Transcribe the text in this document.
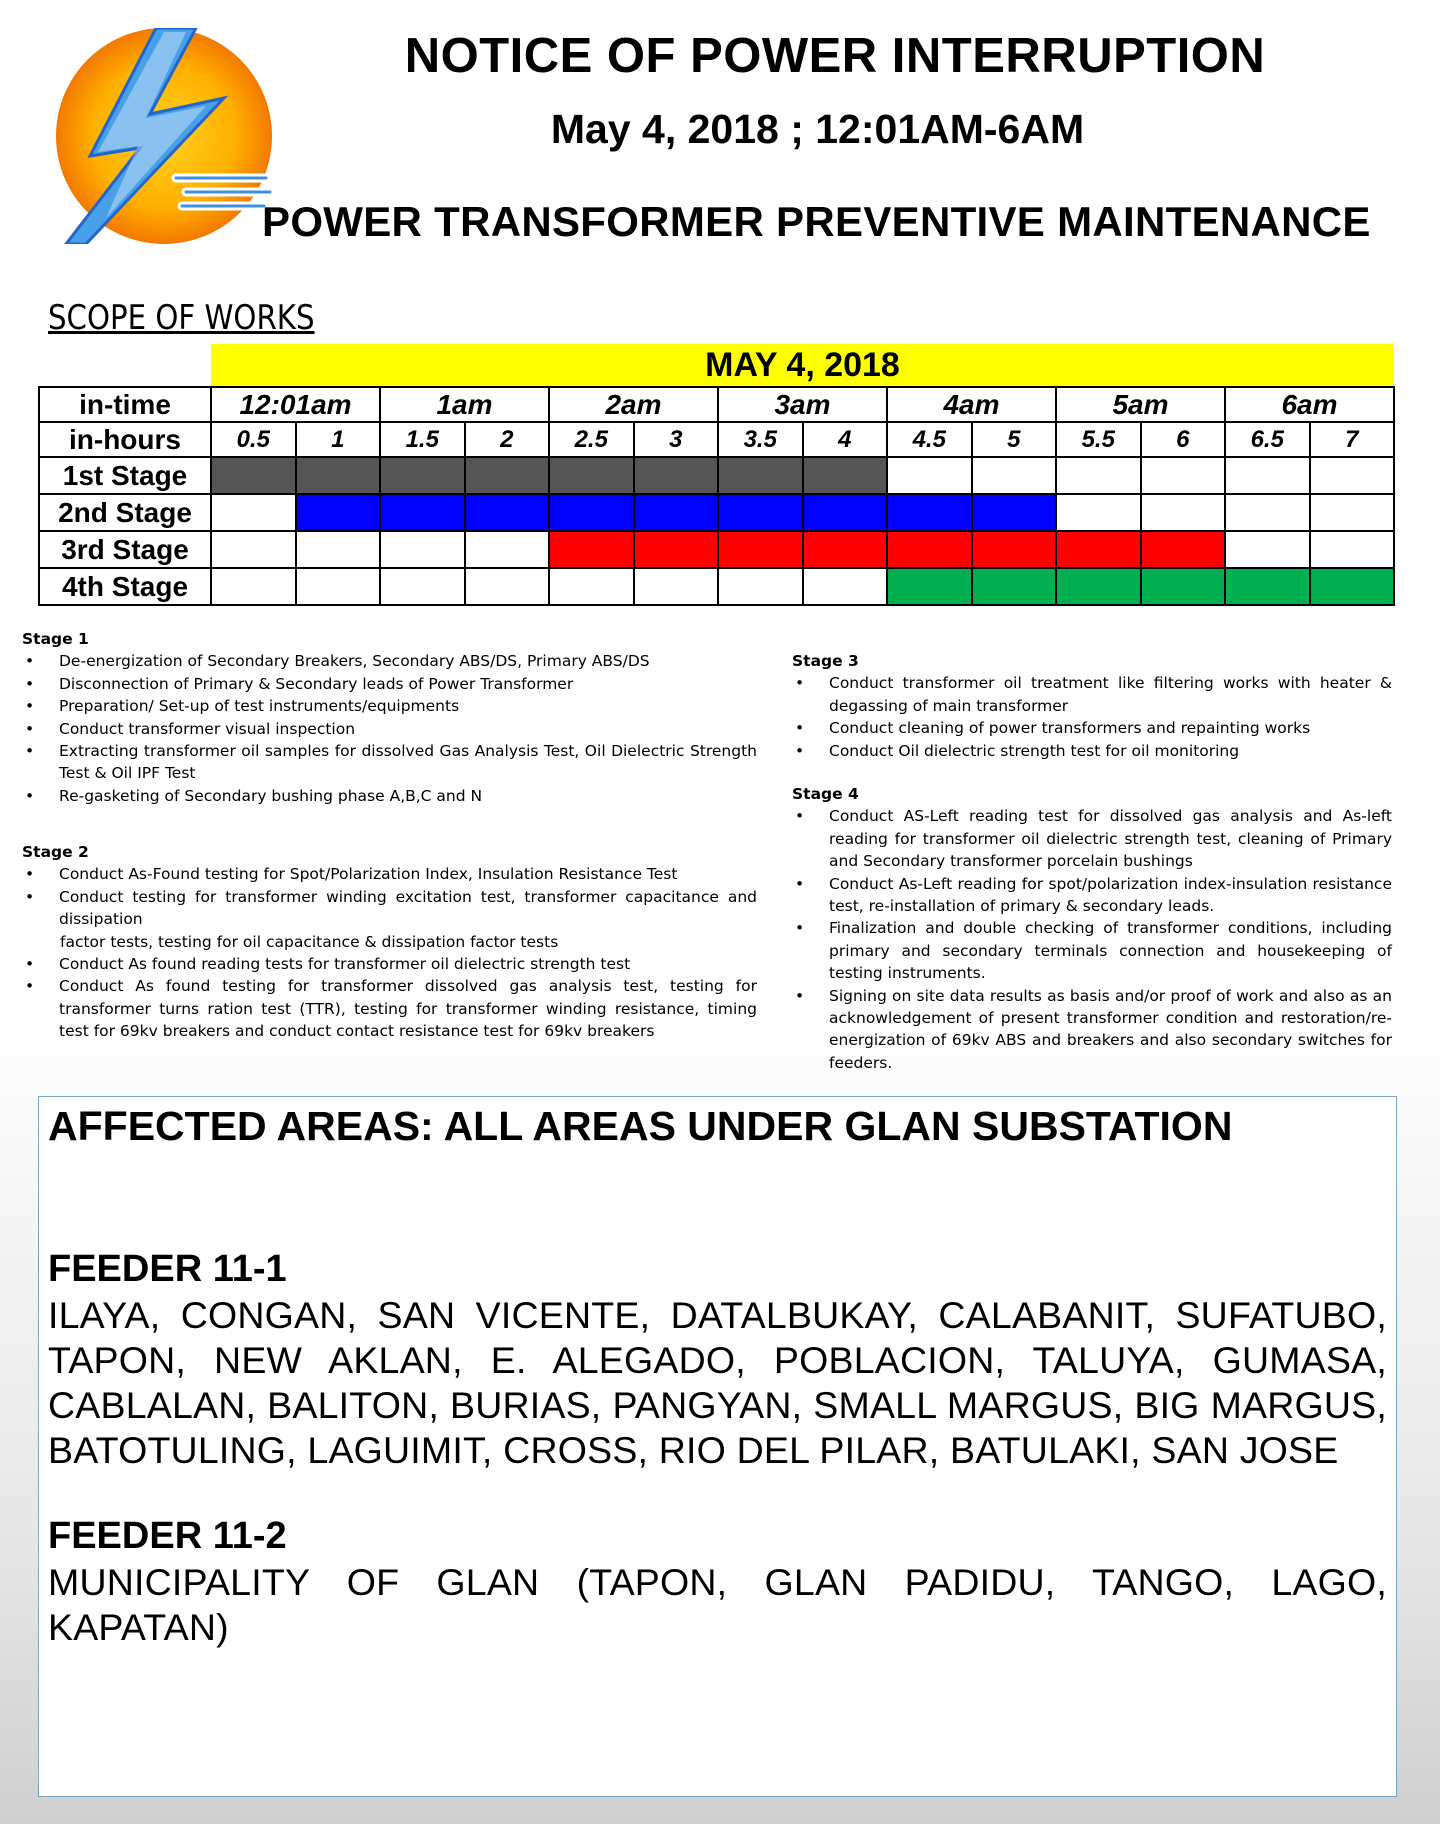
NOTICE OF POWER INTERRUPTION
May 4, 2018 ; 12:01AM-6AM
POWER TRANSFORMER PREVENTIVE MAINTENANCE
SCOPE OF WORKS
	MAY 4, 2018													
in-time	12:01am		1am		2am		3am		4am		5am		6am	
in-hours	0.5	1	1.5	2	2.5	3	3.5	4	4.5	5	5.5	6	6.5	7
1st Stage														
2nd Stage														
3rd Stage														
4th Stage														
Stage 1
• De-energization of Secondary Breakers, Secondary ABS/DS, Primary ABS/DS
• Disconnection of Primary & Secondary leads of Power Transformer
• Preparation/ Set-up of test instruments/equipments
• Conduct transformer visual inspection
• Extracting transformer oil samples for dissolved Gas Analysis Test, Oil Dielectric Strength Test & Oil IPF Test
• Re-gasketing of Secondary bushing phase A,B,C and N
Stage 2
• Conduct As-Found testing for Spot/Polarization Index, Insulation Resistance Test
• Conduct testing for transformer winding excitation test, transformer capacitance and dissipation
factor tests, testing for oil capacitance & dissipation factor tests
• Conduct As found reading tests for transformer oil dielectric strength test
• Conduct As found testing for transformer dissolved gas analysis test, testing for transformer turns ration test (TTR), testing for transformer winding resistance, timing test for 69kv breakers and conduct contact resistance test for 69kv breakers
Stage 3
• Conduct transformer oil treatment like filtering works with heater & degassing of main transformer
• Conduct cleaning of power transformers and repainting works
• Conduct Oil dielectric strength test for oil monitoring
Stage 4
• Conduct AS-Left reading test for dissolved gas analysis and As-left reading for transformer oil dielectric strength test, cleaning of Primary and Secondary transformer porcelain bushings
• Conduct As-Left reading for spot/polarization index-insulation resistance test, re-installation of primary & secondary leads.
• Finalization and double checking of transformer conditions, including primary and secondary terminals connection and housekeeping of testing instruments.
• Signing on site data results as basis and/or proof of work and also as an acknowledgement of present transformer condition and restoration/re-energization of 69kv ABS and breakers and also secondary switches for feeders.
AFFECTED AREAS: ALL AREAS UNDER GLAN SUBSTATION
FEEDER 11-1
ILAYA, CONGAN, SAN VICENTE, DATALBUKAY, CALABANIT, SUFATUBO, TAPON, NEW AKLAN, E. ALEGADO, POBLACION, TALUYA, GUMASA, CABLALAN, BALITON, BURIAS, PANGYAN, SMALL MARGUS, BIG MARGUS, BATOTULING, LAGUIMIT, CROSS, RIO DEL PILAR, BATULAKI, SAN JOSE
FEEDER 11-2
MUNICIPALITY OF GLAN (TAPON, GLAN PADIDU, TANGO, LAGO, KAPATAN)
